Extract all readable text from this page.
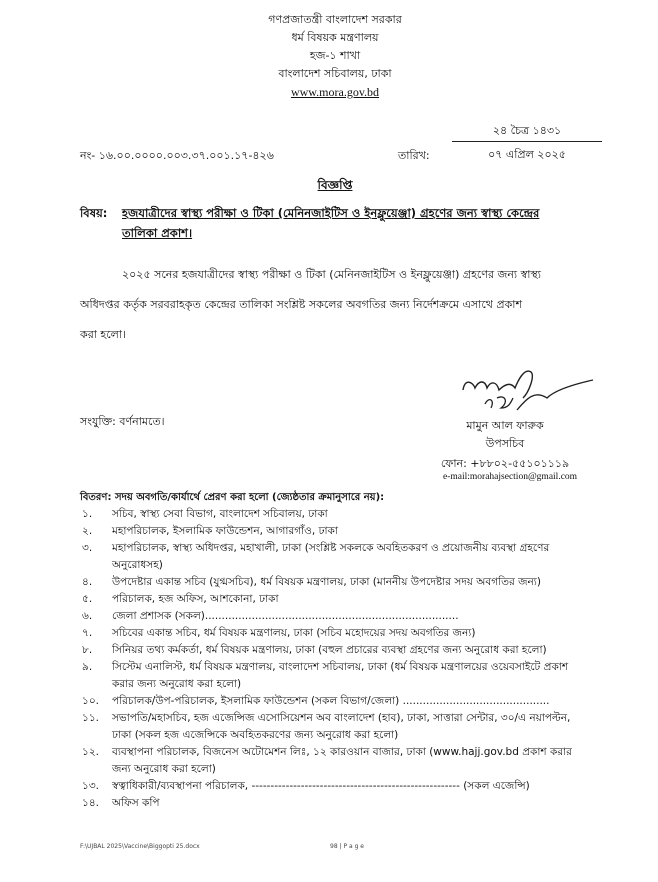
গণপ্রজাতন্ত্রী বাংলাদেশ সরকার
ধর্ম বিষয়ক মন্ত্রণালয়
হজ-১ শাখা
বাংলাদেশ সচিবালয়, ঢাকা
www.mora.gov.bd
নং- ১৬.০০.০০০০.০০৩.৩৭.০০১.১৭-৪২৬	তারিখ:
২৪ চৈত্র ১৪৩১
০৭ এপ্রিল ২০২৫
বিজ্ঞপ্তি
বিষয়: হজযাত্রীদের স্বাস্থ্য পরীক্ষা ও টিকা (মেনিনজাইটিস ও ইনফ্লুয়েঞ্জা) গ্রহণের জন্য স্বাস্থ্য কেন্দ্রের
তালিকা প্রকাশ।
২০২৫ সনের হজযাত্রীদের স্বাস্থ্য পরীক্ষা ও টিকা (মেনিনজাইটিস ও ইনফ্লুয়েঞ্জা) গ্রহণের জন্য স্বাস্থ্য
অধিদপ্তর কর্তৃক সরবরাহকৃত কেন্দ্রের তালিকা সংশ্লিষ্ট সকলের অবগতির জন্য নির্দেশক্রমে এসাথে প্রকাশ
করা হলো।
সংযুক্তি: বর্ণনামতে।	মামুন আল ফারুক
উপসচিব
ফোন: +৮৮০২-৫৫১০১১১৯
e-mail:morahajsection@gmail.com
বিতরণ: সদয় অবগতি/কার্যার্থে প্রেরণ করা হলো (জ্যেষ্ঠতার ক্রমানুসারে নয়):
১.	সচিব, স্বাস্থ্য সেবা বিভাগ, বাংলাদেশ সচিবালয়, ঢাকা
২.	মহাপরিচালক, ইসলামিক ফাউন্ডেশন, আগারগাঁও, ঢাকা
৩.	মহাপরিচালক, স্বাস্থ্য অধিদপ্তর, মহাখালী, ঢাকা (সংশ্লিষ্ট সকলকে অবহিতকরণ ও প্রয়োজনীয় ব্যবস্থা গ্রহণের অনুরোধসহ)
৪.	উপদেষ্টার একান্ত সচিব (যুগ্মসচিব), ধর্ম বিষয়ক মন্ত্রণালয়, ঢাকা (মাননীয় উপদেষ্টার সদয় অবগতির জন্য)
৫.	পরিচালক, হজ অফিস, আশকোনা, ঢাকা
৬.	জেলা প্রশাসক (সকল)............................................................................
৭.	সচিবের একান্ত সচিব, ধর্ম বিষয়ক মন্ত্রণালয়, ঢাকা (সচিব মহোদয়ের সদয় অবগতির জন্য)
৮.	সিনিয়র তথ্য কর্মকর্তা, ধর্ম বিষয়ক মন্ত্রণালয়, ঢাকা (বহুল প্রচারের ব্যবস্থা গ্রহণের জন্য অনুরোধ করা হলো)
৯.	সিস্টেম এনালিস্ট, ধর্ম বিষয়ক মন্ত্রণালয়, বাংলাদেশ সচিবালয়, ঢাকা (ধর্ম বিষয়ক মন্ত্রণালয়ের ওয়েবসাইটে প্রকাশ করার জন্য অনুরোধ করা হলো)
১০.	পরিচালক/উপ-পরিচালক, ইসলামিক ফাউন্ডেশন (সকল বিভাগ/জেলা) ............................................
১১.	সভাপতি/মহাসচিব, হজ এজেন্সিজ এসোসিয়েশন অব বাংলাদেশ (হাব), ঢাকা, সাত্তারা সেন্টার, ৩০/এ নয়াপল্টন, ঢাকা (সকল হজ এজেন্সিকে অবহিতকরণের জন্য অনুরোধ করা হলো)
১২.	ব্যবস্থাপনা পরিচালক, বিজনেস অটোমেশন লিঃ, ১২ কারওয়ান বাজার, ঢাকা (www.hajj.gov.bd প্রকাশ করার জন্য অনুরোধ করা হলো)
১৩.	স্বত্বাধিকারী/ব্যবস্থাপনা পরিচালক, ------------------------------------------------------- (সকল এজেন্সি)
১৪.	অফিস কপি
F:\UJBAL 2025\Vaccine\Biggopti 25.docx	98 | P a g e
